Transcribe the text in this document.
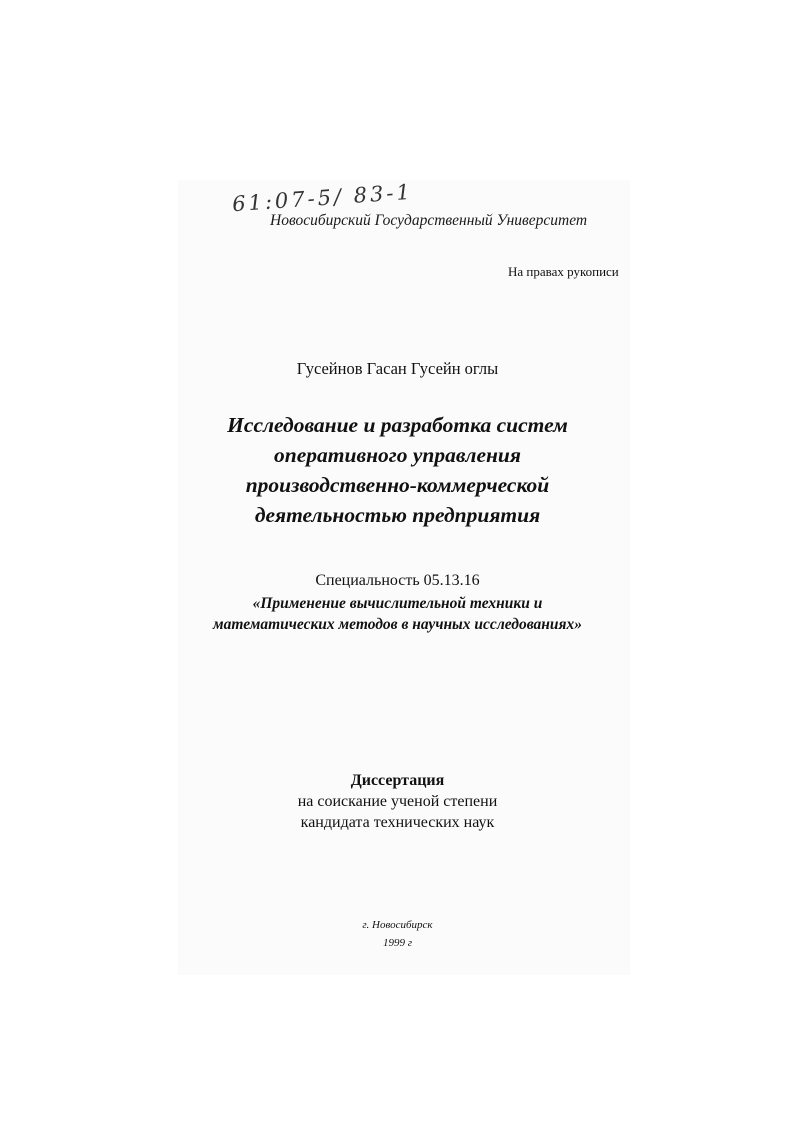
61:07-5/ 83-1
Новосибирский Государственный Университет
На правах рукописи
Гусейнов Гасан Гусейн оглы
Исследование и разработка систем
оперативного управления
производственно-коммерческой
деятельностью предприятия
Специальность 05.13.16
«Применение вычислительной техники и
математических методов в научных исследованиях»
Диссертация
на соискание ученой степени
кандидата технических наук
г. Новосибирск
1999 г
